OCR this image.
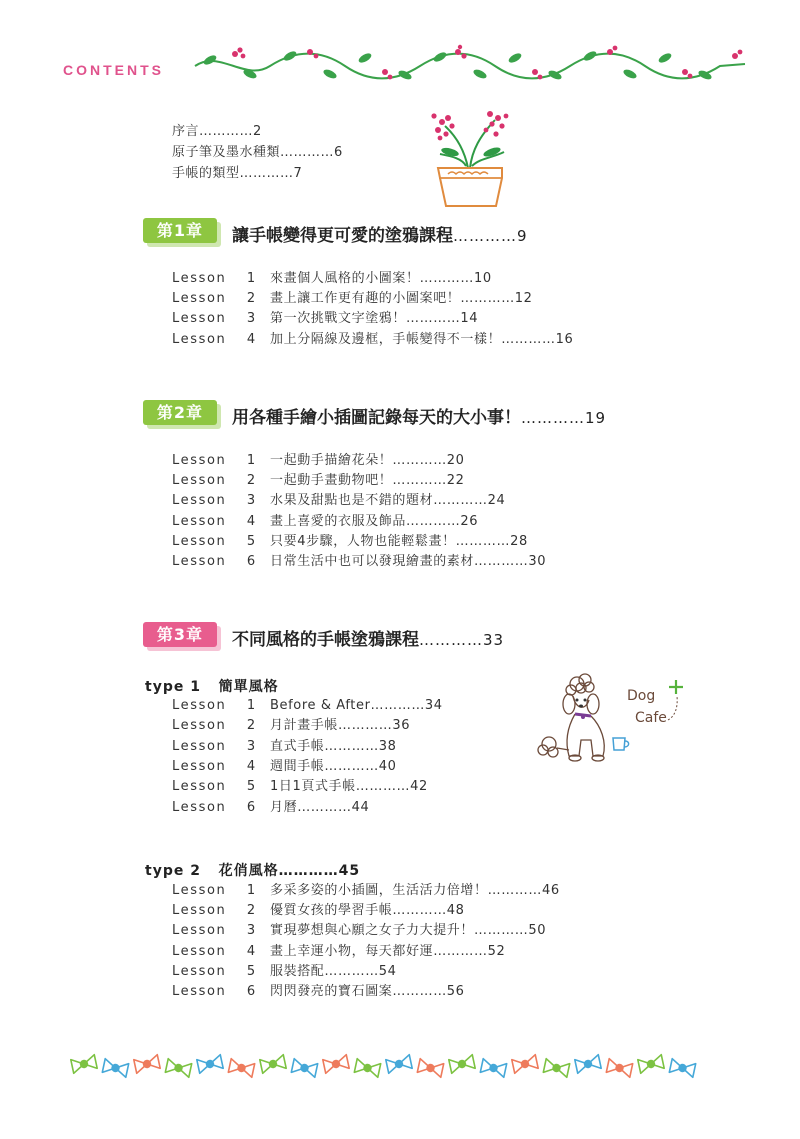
CONTENTS
序言…………2
原子筆及墨水種類…………6
手帳的類型…………7
第1章	讓手帳變得更可愛的塗鴉課程…………9
Lesson 1 來畫個人風格的小圖案！…………10
Lesson 2 畫上讓工作更有趣的小圖案吧！…………12
Lesson 3 第一次挑戰文字塗鴉！…………14
Lesson 4 加上分隔線及邊框，手帳變得不一樣！…………16
第2章	用各種手繪小插圖記錄每天的大小事！…………19
Lesson 1 一起動手描繪花朵！…………20
Lesson 2 一起動手畫動物吧！…………22
Lesson 3 水果及甜點也是不錯的題材…………24
Lesson 4 畫上喜愛的衣服及飾品…………26
Lesson 5 只要4步驟，人物也能輕鬆畫！…………28
Lesson 6 日常生活中也可以發現繪畫的素材…………30
第3章	不同風格的手帳塗鴉課程…………33
type 1 簡單風格
Lesson 1 Before & After…………34
Lesson 2 月計畫手帳…………36
Lesson 3 直式手帳…………38
Lesson 4 週間手帳…………40
Lesson 5 1日1頁式手帳…………42
Lesson 6 月曆…………44
Dog
Cafe
type 2 花俏風格…………45
Lesson 1 多采多姿的小插圖，生活活力倍增！…………46
Lesson 2 優質女孩的學習手帳…………48
Lesson 3 實現夢想與心願之女子力大提升！…………50
Lesson 4 畫上幸運小物，每天都好運…………52
Lesson 5 服裝搭配…………54
Lesson 6 閃閃發亮的寶石圖案…………56
